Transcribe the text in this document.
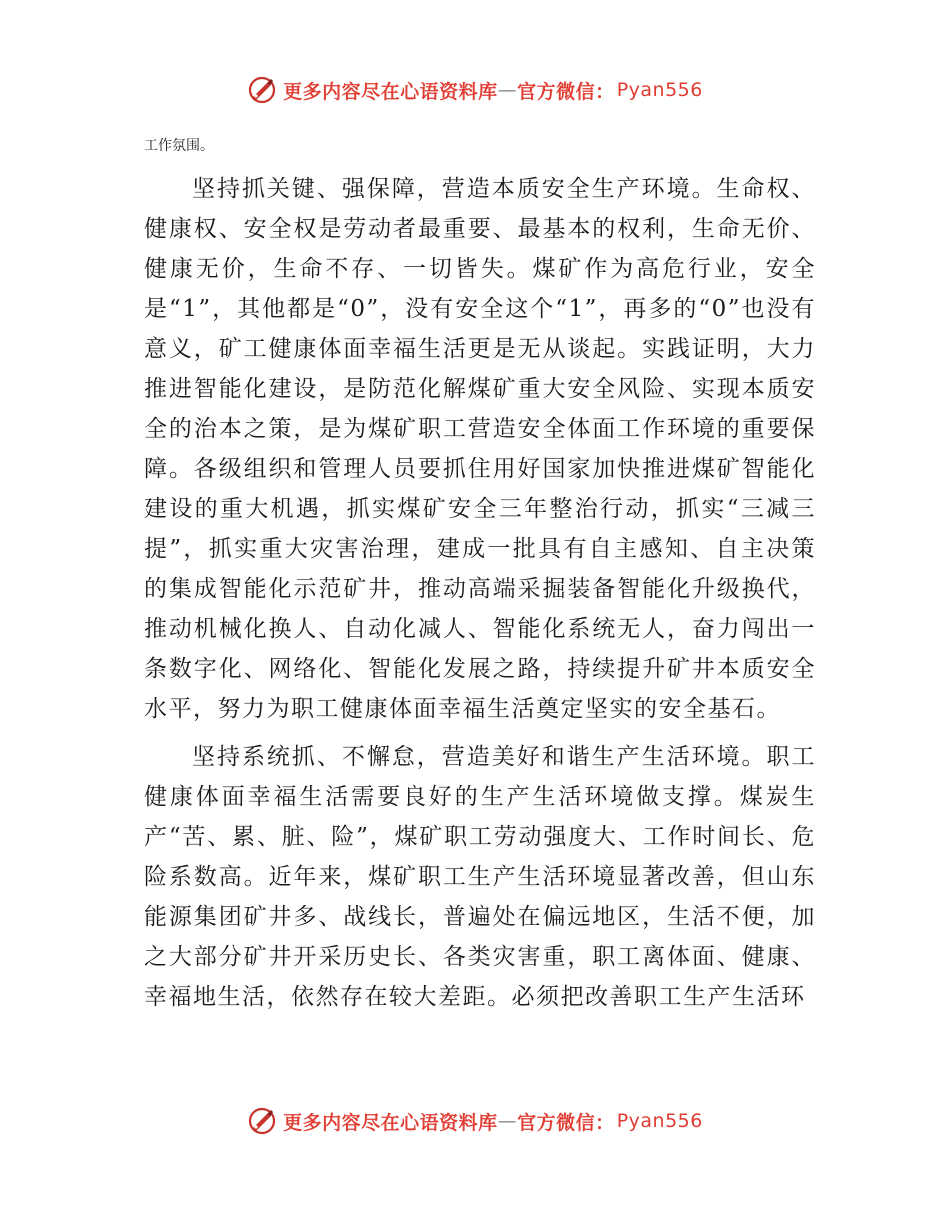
更多内容尽在心语资料库 — 官方微信： Pyan556
工作氛围。

坚持抓关键、强保障，营造本质安全生产环境。生命权、健康权、安全权是劳动者最重要、最基本的权利，生命无价、健康无价，生命不存、一切皆失。煤矿作为高危行业，安全是“1”，其他都是“0”，没有安全这个“1”，再多的“0”也没有意义，矿工健康体面幸福生活更是无从谈起。实践证明，大力推进智能化建设，是防范化解煤矿重大安全风险、实现本质安全的治本之策，是为煤矿职工营造安全体面工作环境的重要保障。各级组织和管理人员要抓住用好国家加快推进煤矿智能化建设的重大机遇，抓实煤矿安全三年整治行动，抓实“三减三提”，抓实重大灾害治理，建成一批具有自主感知、自主决策的集成智能化示范矿井，推动高端采掘装备智能化升级换代，推动机械化换人、自动化减人、智能化系统无人，奋力闯出一条数字化、网络化、智能化发展之路，持续提升矿井本质安全水平，努力为职工健康体面幸福生活奠定坚实的安全基石。

坚持系统抓、不懈怠，营造美好和谐生产生活环境。职工健康体面幸福生活需要良好的生产生活环境做支撑。煤炭生产“苦、累、脏、险”，煤矿职工劳动强度大、工作时间长、危险系数高。近年来，煤矿职工生产生活环境显著改善，但山东能源集团矿井多、战线长，普遍处在偏远地区，生活不便，加之大部分矿井开采历史长、各类灾害重，职工离体面、健康、幸福地生活，依然存在较大差距。必须把改善职工生产生活环

更多内容尽在心语资料库 — 官方微信： Pyan556
